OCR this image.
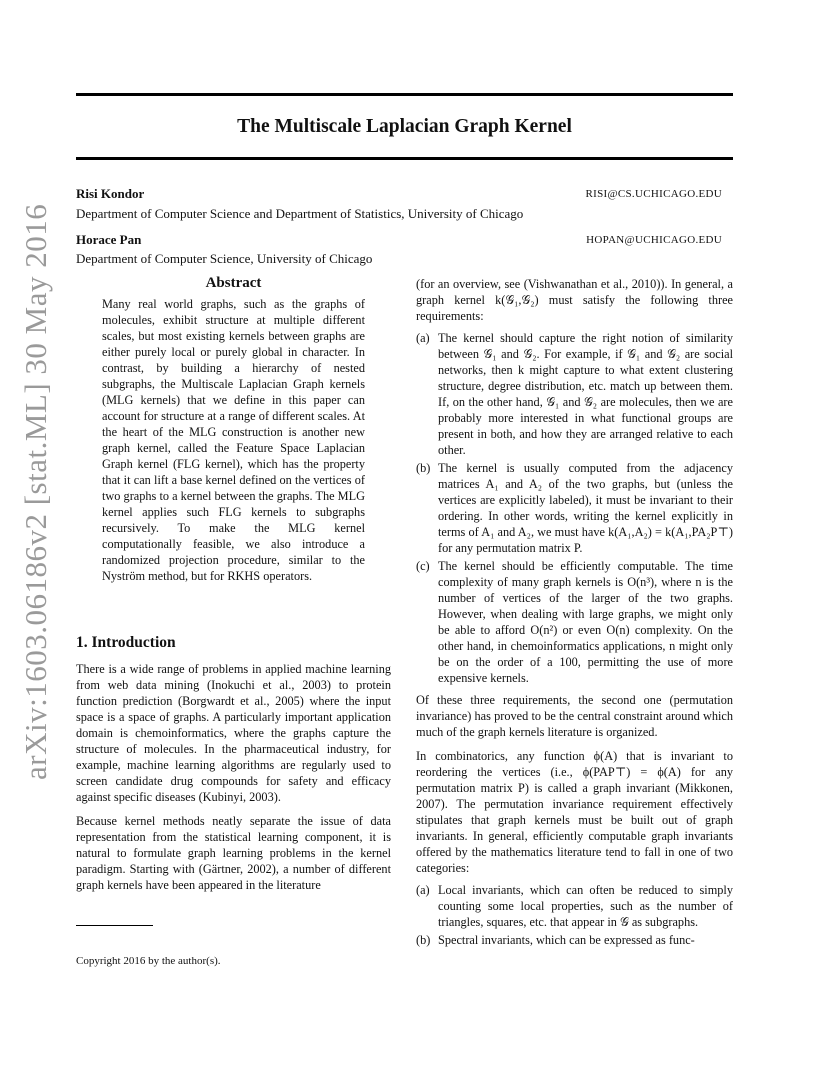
arXiv:1603.06186v2 [stat.ML] 30 May 2016
The Multiscale Laplacian Graph Kernel
Risi Kondor	RISI@CS.UCHICAGO.EDU
Department of Computer Science and Department of Statistics, University of Chicago
Horace Pan	HOPAN@UCHICAGO.EDU
Department of Computer Science, University of Chicago
Abstract
Many real world graphs, such as the graphs of molecules, exhibit structure at multiple different scales, but most existing kernels between graphs are either purely local or purely global in character. In contrast, by building a hierarchy of nested subgraphs, the Multiscale Laplacian Graph kernels (MLG kernels) that we define in this paper can account for structure at a range of different scales. At the heart of the MLG construction is another new graph kernel, called the Feature Space Laplacian Graph kernel (FLG kernel), which has the property that it can lift a base kernel defined on the vertices of two graphs to a kernel between the graphs. The MLG kernel applies such FLG kernels to subgraphs recursively. To make the MLG kernel computationally feasible, we also introduce a randomized projection procedure, similar to the Nyström method, but for RKHS operators.
1. Introduction

There is a wide range of problems in applied machine learning from web data mining (Inokuchi et al., 2003) to protein function prediction (Borgwardt et al., 2005) where the input space is a space of graphs. A particularly important application domain is chemoinformatics, where the graphs capture the structure of molecules. In the pharmaceutical industry, for example, machine learning algorithms are regularly used to screen candidate drug compounds for safety and efficacy against specific diseases (Kubinyi, 2003).

Because kernel methods neatly separate the issue of data representation from the statistical learning component, it is natural to formulate graph learning problems in the kernel paradigm. Starting with (Gärtner, 2002), a number of different graph kernels have been appeared in the literature

(for an overview, see (Vishwanathan et al., 2010)). In general, a graph kernel k(𝒢₁,𝒢₂) must satisfy the following three requirements:

(a) The kernel should capture the right notion of similarity between 𝒢₁ and 𝒢₂. For example, if 𝒢₁ and 𝒢₂ are social networks, then k might capture to what extent clustering structure, degree distribution, etc. match up between them. If, on the other hand, 𝒢₁ and 𝒢₂ are molecules, then we are probably more interested in what functional groups are present in both, and how they are arranged relative to each other.
(b) The kernel is usually computed from the adjacency matrices A₁ and A₂ of the two graphs, but (unless the vertices are explicitly labeled), it must be invariant to their ordering. In other words, writing the kernel explicitly in terms of A₁ and A₂, we must have k(A₁,A₂) = k(A₁,PA₂P⊤) for any permutation matrix P.
(c) The kernel should be efficiently computable. The time complexity of many graph kernels is O(n³), where n is the number of vertices of the larger of the two graphs. However, when dealing with large graphs, we might only be able to afford O(n²) or even O(n) complexity. On the other hand, in chemoinformatics applications, n might only be on the order of a 100, permitting the use of more expensive kernels.

Of these three requirements, the second one (permutation invariance) has proved to be the central constraint around which much of the graph kernels literature is organized.

In combinatorics, any function ϕ(A) that is invariant to reordering the vertices (i.e., ϕ(PAP⊤) = ϕ(A) for any permutation matrix P) is called a graph invariant (Mikkonen, 2007). The permutation invariance requirement effectively stipulates that graph kernels must be built out of graph invariants. In general, efficiently computable graph invariants offered by the mathematics literature tend to fall in one of two categories:

(a) Local invariants, which can often be reduced to simply counting some local properties, such as the number of triangles, squares, etc. that appear in 𝒢 as subgraphs.
(b) Spectral invariants, which can be expressed as func-
Copyright 2016 by the author(s).
